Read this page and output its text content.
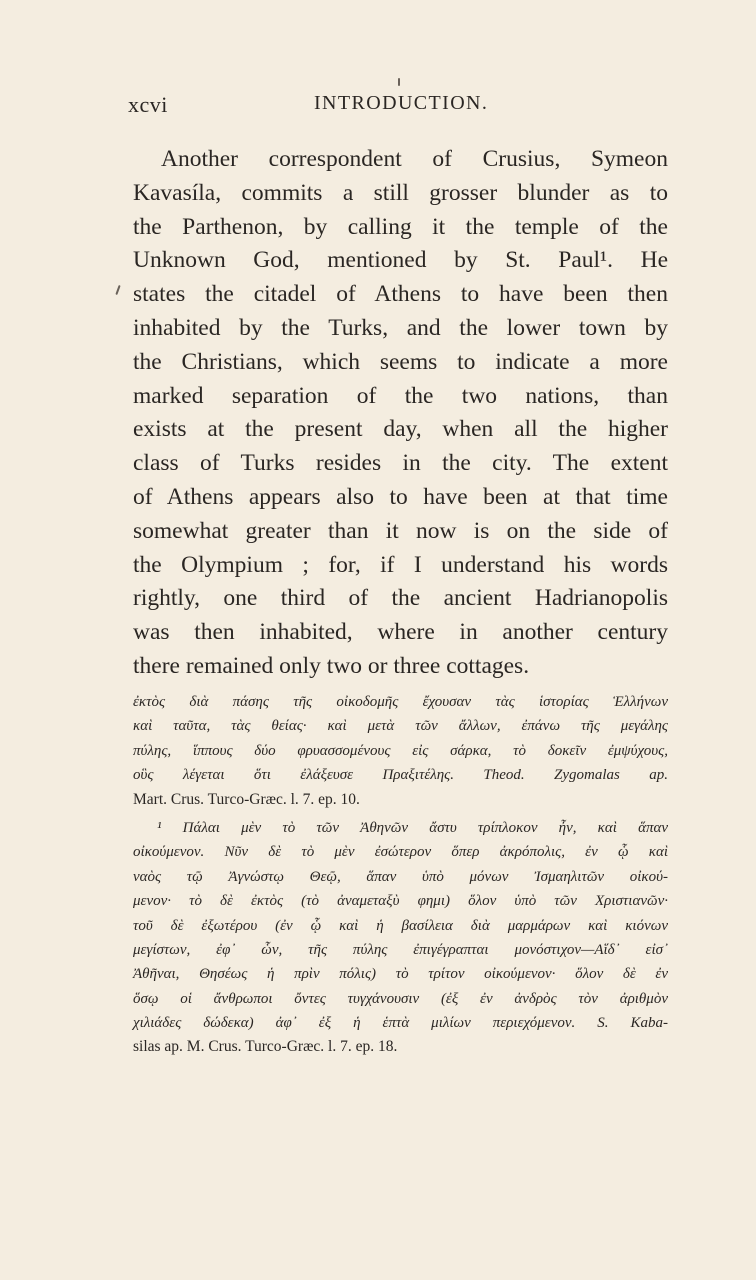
xcvi	INTRODUCTION.
Another correspondent of Crusius, Symeon
Kavasíla, commits a still grosser blunder as to
the Parthenon, by calling it the temple of the
Unknown God, mentioned by St. Paul¹. He
states the citadel of Athens to have been then
inhabited by the Turks, and the lower town by
the Christians, which seems to indicate a more
marked separation of the two nations, than
exists at the present day, when all the higher
class of Turks resides in the city. The extent
of Athens appears also to have been at that time
somewhat greater than it now is on the side of
the Olympium ; for, if I understand his words
rightly, one third of the ancient Hadrianopolis
was then inhabited, where in another century
there remained only two or three cottages.
ἐκτὸς διὰ πάσης τῆς οἰκοδομῆς ἔχουσαν τὰς ἱστορίας Ἑλλήνων
καὶ ταῦτα, τὰς θείας· καὶ μετὰ τῶν ἄλλων, ἐπάνω τῆς μεγάλης
πύλης, ἵππους δύο φρυασσομένους εἰς σάρκα, τὸ δοκεῖν ἐμψύχους,
οὓς λέγεται ὅτι ἐλάξευσε Πραξιτέλης. Theod. Zygomalas ap.
Mart. Crus. Turco-Græc. l. 7. ep. 10.
¹ Πάλαι μὲν τὸ τῶν Ἀθηνῶν ἄστυ τρίπλοκον ἦν, καὶ ἅπαν
οἰκούμενον. Νῦν δὲ τὸ μὲν ἐσώτερον ὅπερ ἀκρόπολις, ἐν ᾧ καὶ
ναὸς τῷ Ἀγνώστῳ Θεῷ, ἅπαν ὑπὸ μόνων Ἰσμαηλιτῶν οἰκού-
μενον· τὸ δὲ ἐκτὸς (τὸ ἀναμεταξὺ φημι) ὅλον ὑπὸ τῶν Χριστιανῶν·
τοῦ δὲ ἐξωτέρου (ἐν ᾧ καὶ ἡ βασίλεια διὰ μαρμάρων καὶ κιόνων
μεγίστων, ἐφ᾽ ὧν, τῆς πύλης ἐπιγέγραπται μονόστιχον—Αἵδ᾽ εἰσ᾽
Ἀθῆναι, Θησέως ἡ πρὶν πόλις) τὸ τρίτον οἰκούμενον· ὅλον δὲ ἐν
ὅσῳ οἱ ἄνθρωποι ὄντες τυγχάνουσιν (ἐξ ἐν ἀνδρὸς τὸν ἀριθμὸν
χιλιάδες δώδεκα) ἀφ᾽ ἐξ ἡ ἑπτὰ μιλίων περιεχόμενον. S. Kaba-
silas ap. M. Crus. Turco-Græc. l. 7. ep. 18.
